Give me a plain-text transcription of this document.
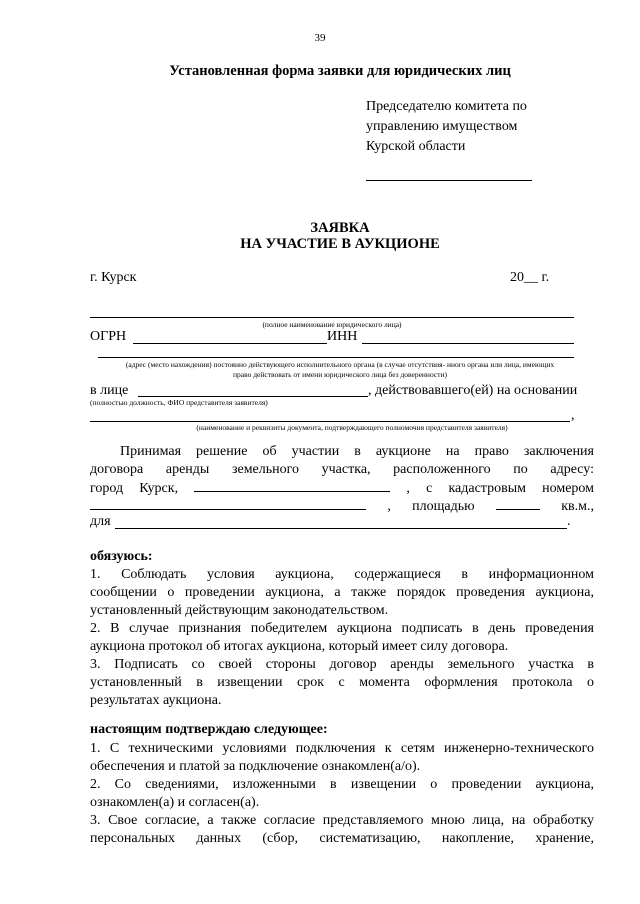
39
Установленная форма заявки для юридических лиц
Председателю комитета по
управлению имуществом
Курской области
ЗАЯВКА
НА УЧАСТИЕ В АУКЦИОНЕ
г. Курск	20__ г.
(полное наименование юридического лица)
ОГРН	ИНН
(адрес (место нахождения) постоянно действующего исполнительного органа (в случае отсутствия- иного органа или лица, имеющих
право действовать от имени юридического лица без доверенности)
в лице	, действовавшего(ей) на основании
(полностью должность, ФИО представителя заявителя)
,
(наименование и реквизиты документа, подтверждающего полномочия представителя заявителя)
Принимая решение об участии в аукционе на право заключения
договора аренды земельного участка, расположенного по адресу:
город Курск,	, с кадастровым номером
, площадью	кв.м.,
для	.
обязуюсь:
1. Соблюдать условия аукциона, содержащиеся в информационном
сообщении о проведении аукциона, а также порядок проведения аукциона,
установленный действующим законодательством.
2. В случае признания победителем аукциона подписать в день проведения
аукциона протокол об итогах аукциона, который имеет силу договора.
3. Подписать со своей стороны договор аренды земельного участка в
установленный в извещении срок с момента оформления протокола о
результатах аукциона.
настоящим подтверждаю следующее:
1. С техническими условиями подключения к сетям инженерно-технического
обеспечения и платой за подключение ознакомлен(а/о).
2. Со сведениями, изложенными в извещении о проведении аукциона,
ознакомлен(а) и согласен(а).
3. Свое согласие, а также согласие представляемого мною лица, на обработку
персональных данных (сбор, систематизацию, накопление, хранение,
